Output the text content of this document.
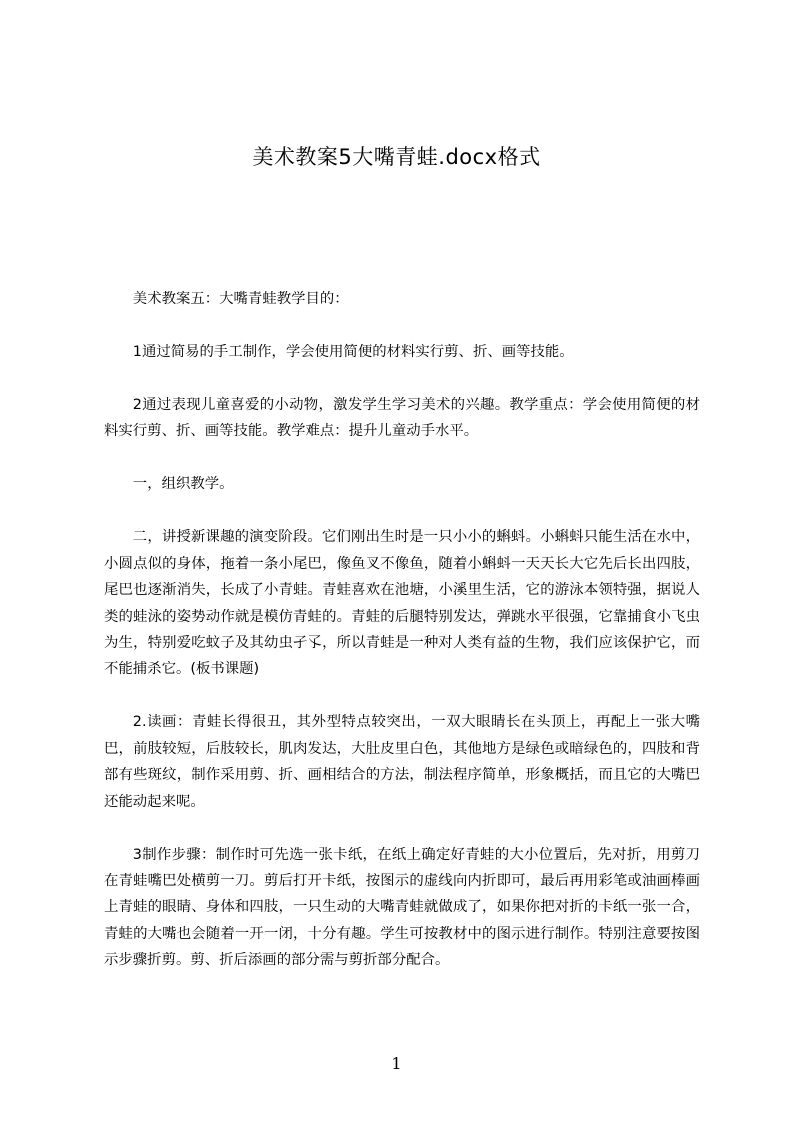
美术教案5大嘴青蛙.docx格式

美术教案五：大嘴青蛙教学目的：

1通过简易的手工制作，学会使用简便的材料实行剪、折、画等技能。

2通过表现儿童喜爱的小动物，激发学生学习美术的兴趣。教学重点：学会使用简便的材料实行剪、折、画等技能。教学难点：提升儿童动手水平。

一，组织教学。

二，讲授新课趣的演变阶段。它们刚出生时是一只小小的蝌蚪。小蝌蚪只能生活在水中，小圆点似的身体，拖着一条小尾巴，像鱼叉不像鱼，随着小蝌蚪一天天长大它先后长出四肢，尾巴也逐渐消失，长成了小青蛙。青蛙喜欢在池塘，小溪里生活，它的游泳本领特强，据说人类的蛙泳的姿势动作就是模仿青蛙的。青蛙的后腿特别发达，弹跳水平很强，它靠捕食小飞虫为生，特别爱吃蚊子及其幼虫孑孓，所以青蛙是一种对人类有益的生物，我们应该保护它，而不能捕杀它。(板书课题)

2.读画：青蛙长得很丑，其外型特点较突出，一双大眼睛长在头顶上，再配上一张大嘴巴，前肢较短，后肢较长，肌肉发达，大肚皮里白色，其他地方是绿色或暗绿色的，四肢和背部有些斑纹，制作采用剪、折、画相结合的方法，制法程序简单，形象概括，而且它的大嘴巴还能动起来呢。

3制作步骤：制作时可先选一张卡纸，在纸上确定好青蛙的大小位置后，先对折，用剪刀在青蛙嘴巴处横剪一刀。剪后打开卡纸，按图示的虚线向内折即可，最后再用彩笔或油画棒画上青蛙的眼睛、身体和四肢，一只生动的大嘴青蛙就做成了，如果你把对折的卡纸一张一合，青蛙的大嘴也会随着一开一闭，十分有趣。学生可按教材中的图示进行制作。特别注意要按图示步骤折剪。剪、折后添画的部分需与剪折部分配合。

1
